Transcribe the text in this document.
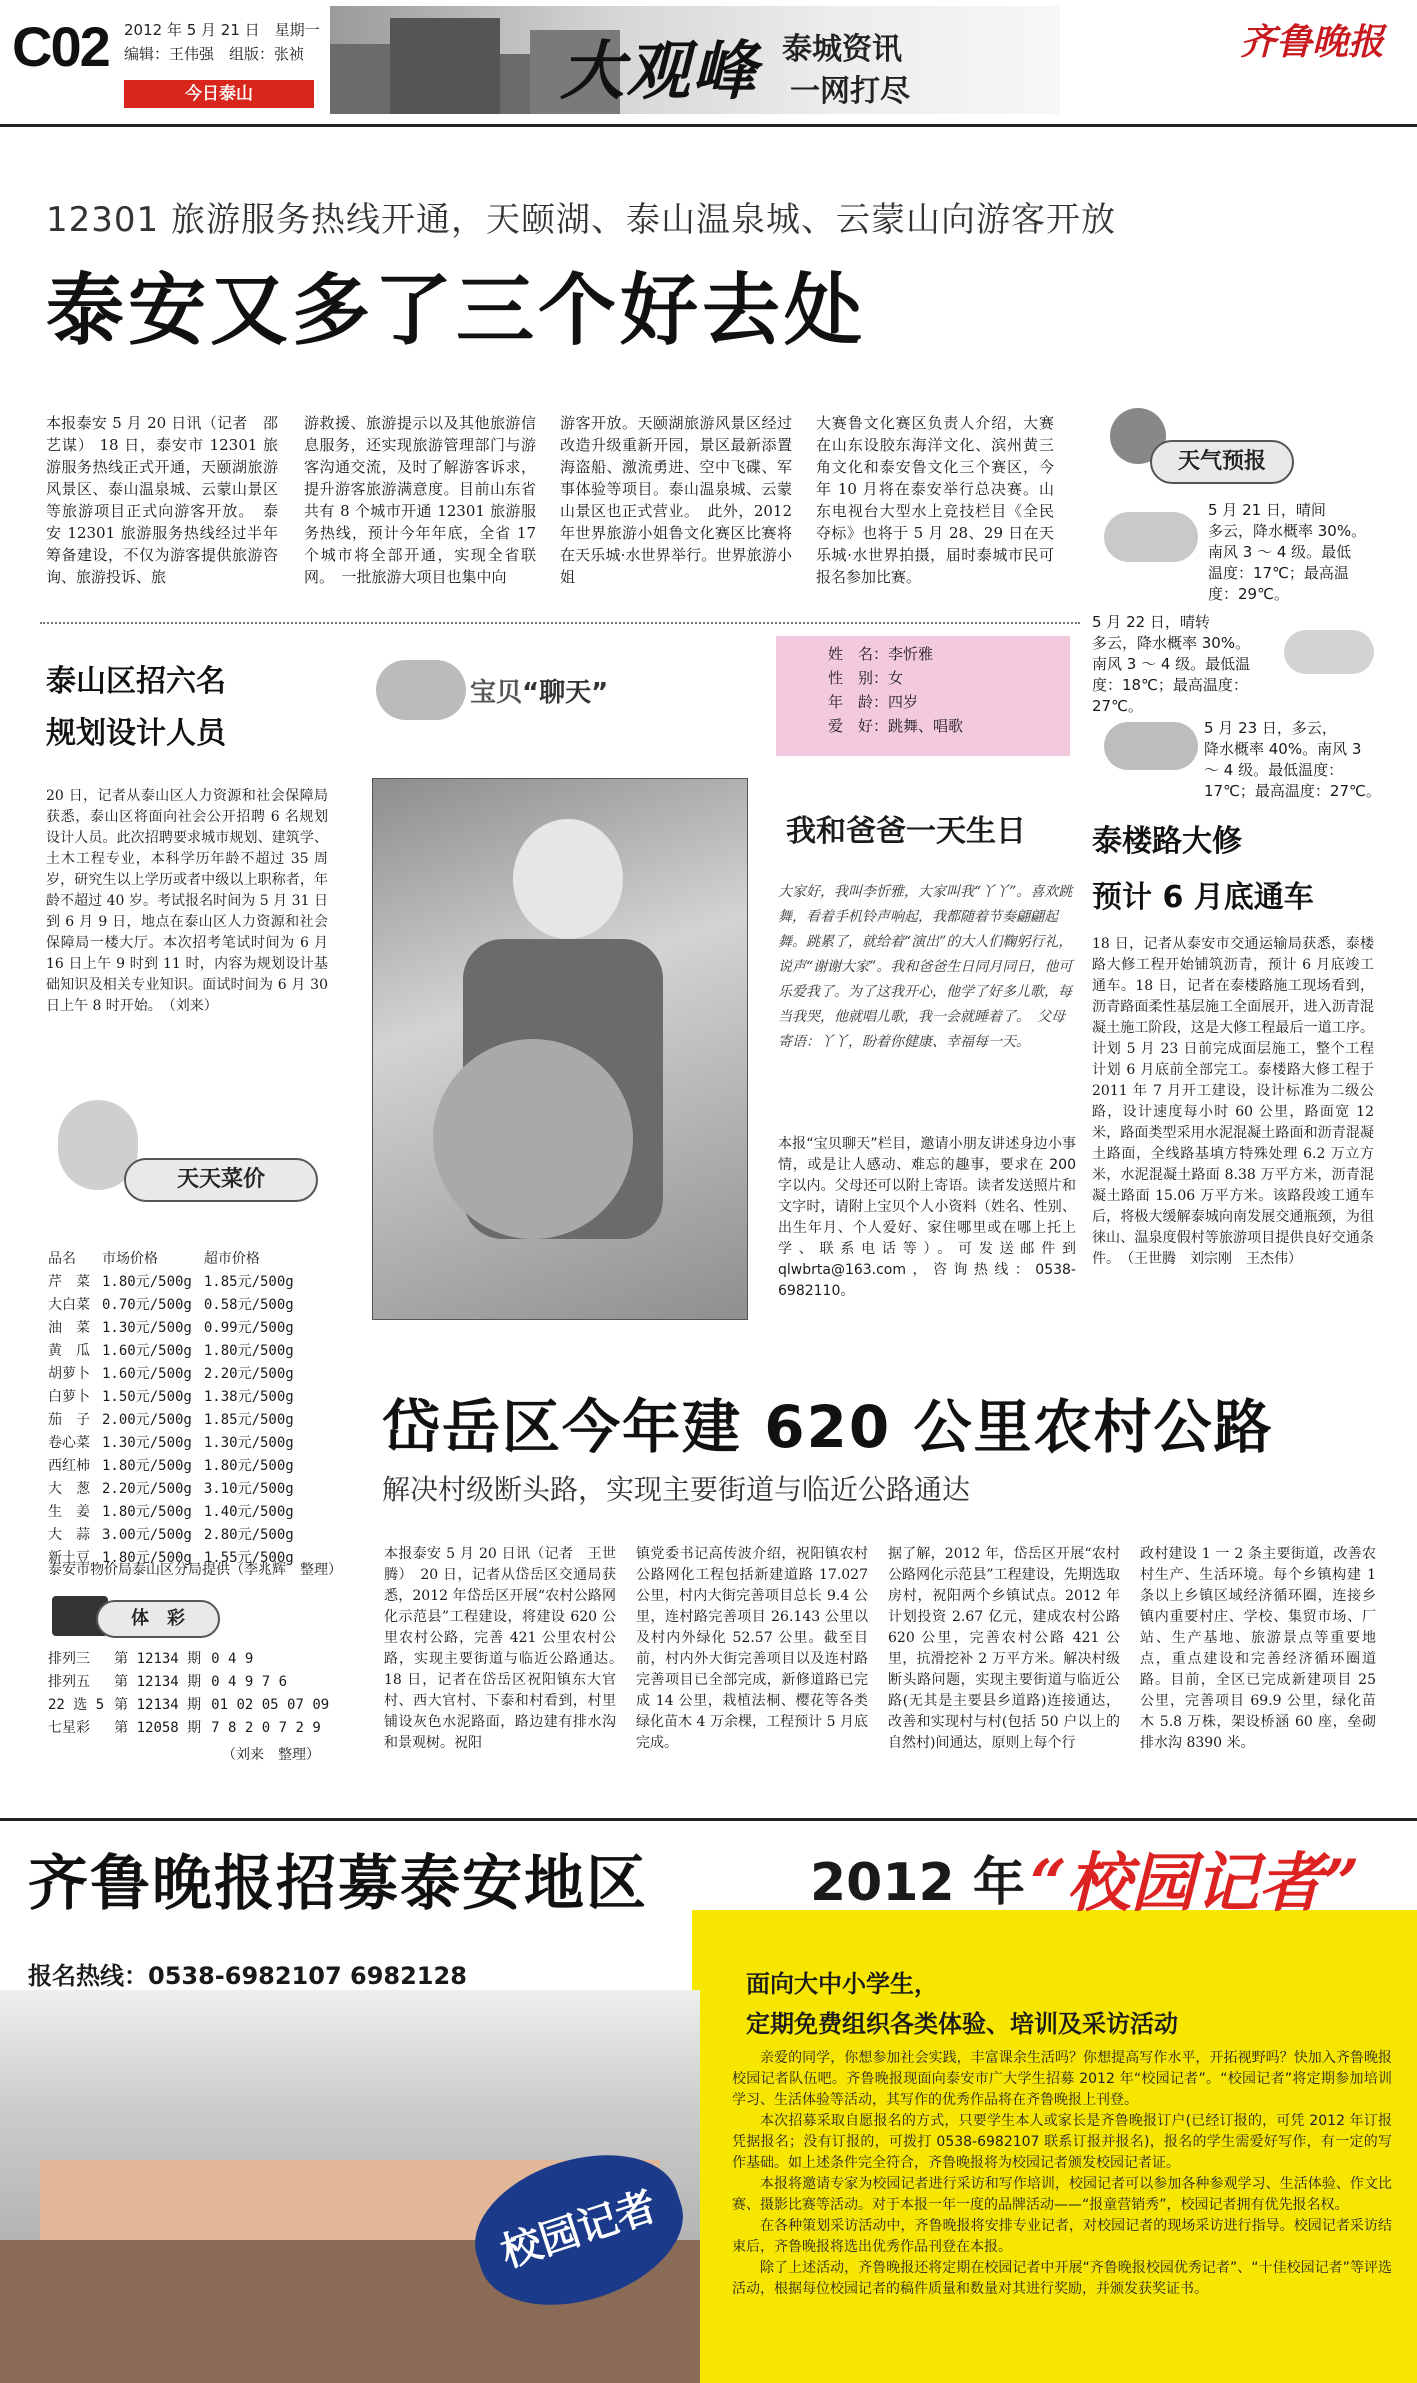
C02 2012 年 5 月 21 日　星期一
编辑：王伟强　组版：张祯
今日泰山	大观峰 泰城资讯
一网打尽
齐鲁晚报
12301 旅游服务热线开通，天颐湖、泰山温泉城、云蒙山向游客开放
泰安又多了三个好去处
本报泰安 5 月 20 日讯（记者　邵艺谋） 18 日，泰安市 12301 旅游服务热线正式开通，天颐湖旅游风景区、泰山温泉城、云蒙山景区等旅游项目正式向游客开放。　泰安 12301 旅游服务热线经过半年筹备建设，不仅为游客提供旅游咨询、旅游投诉、旅
游救援、旅游提示以及其他旅游信息服务，还实现旅游管理部门与游客沟通交流，及时了解游客诉求，提升游客旅游满意度。目前山东省共有 8 个城市开通 12301 旅游服务热线，预计今年年底，全省 17 个城市将全部开通，实现全省联网。　一批旅游大项目也集中向
游客开放。天颐湖旅游风景区经过改造升级重新开园，景区最新添置海盗船、激流勇进、空中飞碟、军事体验等项目。泰山温泉城、云蒙山景区也正式营业。　此外，2012 年世界旅游小姐鲁文化赛区比赛将在天乐城·水世界举行。世界旅游小姐
大赛鲁文化赛区负责人介绍，大赛在山东设胶东海洋文化、滨州黄三角文化和泰安鲁文化三个赛区，今年 10 月将在泰安举行总决赛。山东电视台大型水上竞技栏目《全民夺标》也将于 5 月 28、29 日在天乐城·水世界拍摄，届时泰城市民可报名参加比赛。
天气预报
5 月 21 日，晴间
多云，降水概率 30%。
南风 3 ～ 4 级。最低
温度：17℃；最高温
度：29℃。
5 月 22 日，晴转
多云，降水概率 30%。
南风 3 ～ 4 级。最低温
度：18℃；最高温度：
27℃。
5 月 23 日，多云，
降水概率 40%。南风 3
～ 4 级。最低温度：
17℃；最高温度：27℃。
泰山区招六名
规划设计人员
20 日，记者从泰山区人力资源和社会保障局获悉，泰山区将面向社会公开招聘 6 名规划设计人员。此次招聘要求城市规划、建筑学、土木工程专业，本科学历年龄不超过 35 周岁，研究生以上学历或者中级以上职称者，年龄不超过 40 岁。考试报名时间为 5 月 31 日到 6 月 9 日，地点在泰山区人力资源和社会保障局一楼大厅。本次招考笔试时间为 6 月 16 日上午 9 时到 11 时，内容为规划设计基础知识及相关专业知识。面试时间为 6 月 30 日上午 8 时开始。　（刘来）
天天菜价
品名	市场价格	超市价格
芹　菜	1.80元/500g	1.85元/500g
大白菜	0.70元/500g	0.58元/500g
油　菜	1.30元/500g	0.99元/500g
黄　瓜	1.60元/500g	1.80元/500g
胡萝卜	1.60元/500g	2.20元/500g
白萝卜	1.50元/500g	1.38元/500g
茄　子	2.00元/500g	1.85元/500g
卷心菜	1.30元/500g	1.30元/500g
西红柿	1.80元/500g	1.80元/500g
大　葱	2.20元/500g	3.10元/500g
生　姜	1.80元/500g	1.40元/500g
大　蒜	3.00元/500g	2.80元/500g
新土豆	1.80元/500g	1.55元/500g
泰安市物价局泰山区分局提供（李兆辉　整理）
体　彩
排列三	第 12134 期	0 4 9
排列五	第 12134 期	0 4 9 7 6
22 选 5	第 12134 期	01 02 05 07 09
七星彩	第 12058 期	7 8 2 0 7 2 9
（刘来　整理）
宝贝“聊天”
姓　名：李忻雅
性　别：女
年　龄：四岁
爱　好：跳舞、唱歌
我和爸爸一天生日
大家好，我叫李忻雅，大家叫我“丫丫”。喜欢跳舞，看着手机铃声响起，我都随着节奏翩翩起舞。跳累了，就给着“演出”的大人们鞠躬行礼，说声“谢谢大家”。我和爸爸生日同月同日，他可乐爱我了。为了这我开心，他学了好多儿歌，每当我哭，他就唱儿歌，我一会就睡着了。　父母寄语：丫丫，盼着你健康、幸福每一天。
本报“宝贝聊天”栏目，邀请小朋友讲述身边小事情，或是让人感动、难忘的趣事，要求在 200 字以内。父母还可以附上寄语。读者发送照片和文字时，请附上宝贝个人小资料（姓名、性别、出生年月、个人爱好、家住哪里或在哪上托上学、联系电话等）。可发送邮件到 qlwbrta@163.com，咨询热线：0538-6982110。
泰楼路大修
预计 6 月底通车
18 日，记者从泰安市交通运输局获悉，泰楼路大修工程开始铺筑沥青，预计 6 月底竣工通车。18 日，记者在泰楼路施工现场看到，沥青路面柔性基层施工全面展开，进入沥青混凝土施工阶段，这是大修工程最后一道工序。计划 5 月 23 日前完成面层施工，整个工程计划 6 月底前全部完工。泰楼路大修工程于 2011 年 7 月开工建设，设计标准为二级公路，设计速度每小时 60 公里，路面宽 12 米，路面类型采用水泥混凝土路面和沥青混凝土路面，全线路基填方特殊处理 6.2 万立方米，水泥混凝土路面 8.38 万平方米，沥青混凝土路面 15.06 万平方米。该路段竣工通车后，将极大缓解泰城向南发展交通瓶颈，为徂徕山、温泉度假村等旅游项目提供良好交通条件。　（王世腾　刘宗刚　王杰伟）
岱岳区今年建 620 公里农村公路
解决村级断头路，实现主要街道与临近公路通达
本报泰安 5 月 20 日讯（记者　王世腾）　20 日，记者从岱岳区交通局获悉，2012 年岱岳区开展“农村公路网化示范县”工程建设，将建设 620 公里农村公路，完善 421 公里农村公路，实现主要街道与临近公路通达。　18 日，记者在岱岳区祝阳镇东大官村、西大官村、下泰和村看到，村里铺设灰色水泥路面，路边建有排水沟和景观树。祝阳
镇党委书记高传波介绍，祝阳镇农村公路网化工程包括新建道路 17.027 公里，村内大街完善项目总长 9.4 公里，连村路完善项目 26.143 公里以及村内外绿化 52.57 公里。截至目前，村内外大街完善项目以及连村路完善项目已全部完成，新修道路已完成 14 公里，栽植法桐、樱花等各类绿化苗木 4 万余棵，工程预计 5 月底完成。
据了解，2012 年，岱岳区开展“农村公路网化示范县”工程建设，先期选取房村，祝阳两个乡镇试点。2012 年计划投资 2.67 亿元，建成农村公路 620 公里，完善农村公路 421 公里，抗滑挖补 2 万平方米。解决村级断头路问题，实现主要街道与临近公路(无其是主要县乡道路)连接通达，改善和实现村与村(包括 50 户以上的自然村)间通达，原则上每个行
政村建设 1 一 2 条主要街道，改善农村生产、生活环境。每个乡镇构建 1 条以上乡镇区域经济循环圈，连接乡镇内重要村庄、学校、集贸市场、厂站、生产基地、旅游景点等重要地点，重点建设和完善经济循环圈道路。目前，全区已完成新建项目 25 公里，完善项目 69.9 公里，绿化苗木 5.8 万株，架设桥涵 60 座，垒砌排水沟 8390 米。
齐鲁晚报招募泰安地区	2012 年 “校园记者”
报名热线：0538-6982107 6982128
校园记者
面向大中小学生，
定期免费组织各类体验、培训及采访活动

亲爱的同学，你想参加社会实践，丰富课余生活吗？你想提高写作水平，开拓视野吗？快加入齐鲁晚报校园记者队伍吧。齐鲁晚报现面向泰安市广大学生招募 2012 年“校园记者”。“校园记者”将定期参加培训学习、生活体验等活动，其写作的优秀作品将在齐鲁晚报上刊登。

本次招募采取自愿报名的方式，只要学生本人或家长是齐鲁晚报订户(已经订报的，可凭 2012 年订报凭据报名；没有订报的，可拨打 0538-6982107 联系订报并报名)，报名的学生需爱好写作，有一定的写作基础。如上述条件完全符合，齐鲁晚报将为校园记者颁发校园记者证。

本报将邀请专家为校园记者进行采访和写作培训，校园记者可以参加各种参观学习、生活体验、作文比赛、摄影比赛等活动。对于本报一年一度的品牌活动——“报童营销秀”，校园记者拥有优先报名权。

在各种策划采访活动中，齐鲁晚报将安排专业记者，对校园记者的现场采访进行指导。校园记者采访结束后，齐鲁晚报将选出优秀作品刊登在本报。

除了上述活动，齐鲁晚报还将定期在校园记者中开展“齐鲁晚报校园优秀记者”、“十佳校园记者”等评选活动，根据每位校园记者的稿件质量和数量对其进行奖励，并颁发获奖证书。
